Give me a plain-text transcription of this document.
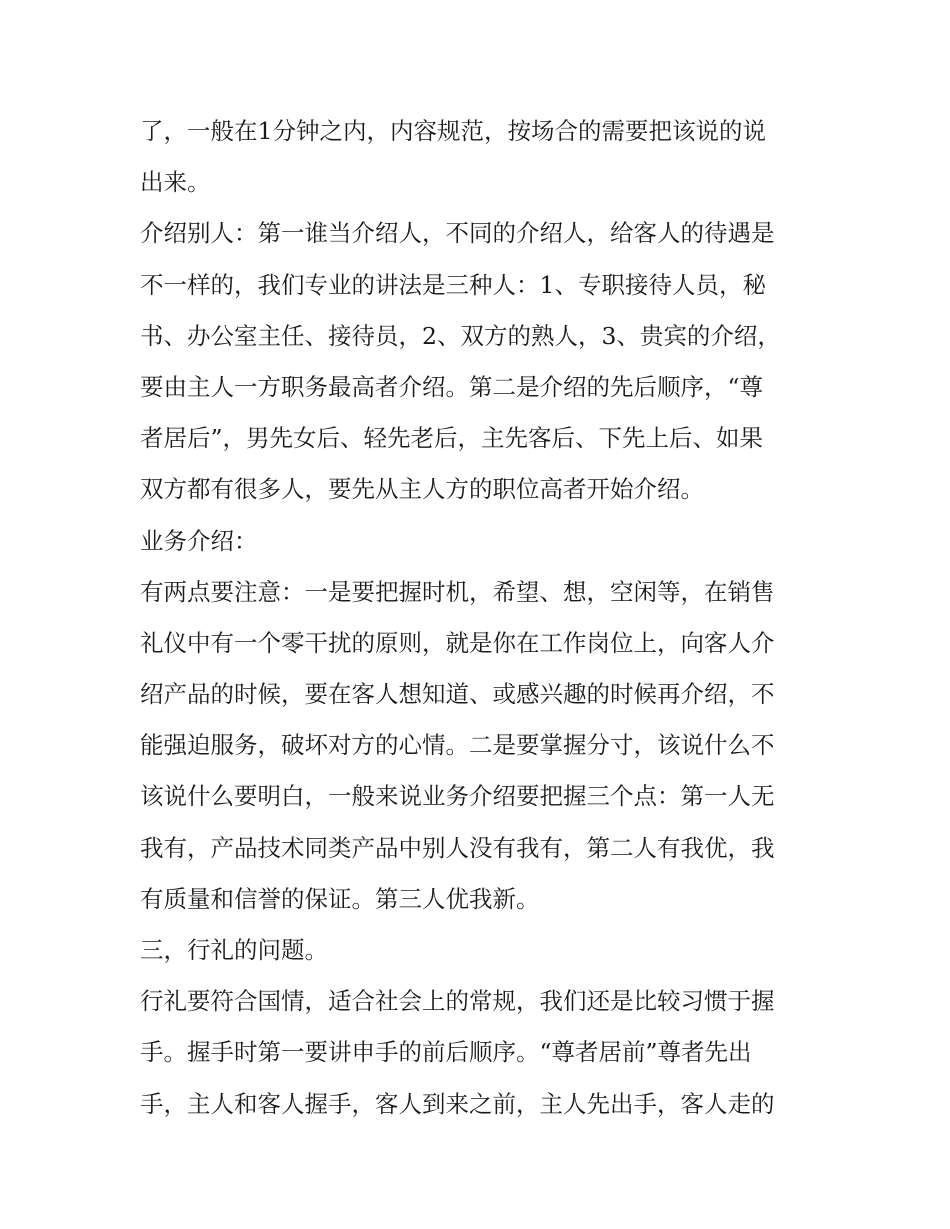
了，一般在1分钟之内，内容规范，按场合的需要把该说的说
出来。
介绍别人：第一谁当介绍人，不同的介绍人，给客人的待遇是
不一样的，我们专业的讲法是三种人：1、专职接待人员，秘
书、办公室主任、接待员，2、双方的熟人，3、贵宾的介绍，
要由主人一方职务最高者介绍。第二是介绍的先后顺序，“尊
者居后”，男先女后、轻先老后，主先客后、下先上后、如果
双方都有很多人，要先从主人方的职位高者开始介绍。
业务介绍：
有两点要注意：一是要把握时机，希望、想，空闲等，在销售
礼仪中有一个零干扰的原则，就是你在工作岗位上，向客人介
绍产品的时候，要在客人想知道、或感兴趣的时候再介绍，不
能强迫服务，破坏对方的心情。二是要掌握分寸，该说什么不
该说什么要明白，一般来说业务介绍要把握三个点：第一人无
我有，产品技术同类产品中别人没有我有，第二人有我优，我
有质量和信誉的保证。第三人优我新。
三，行礼的问题。
行礼要符合国情，适合社会上的常规，我们还是比较习惯于握
手。握手时第一要讲申手的前后顺序。“尊者居前”尊者先出
手，主人和客人握手，客人到来之前，主人先出手，客人走的
